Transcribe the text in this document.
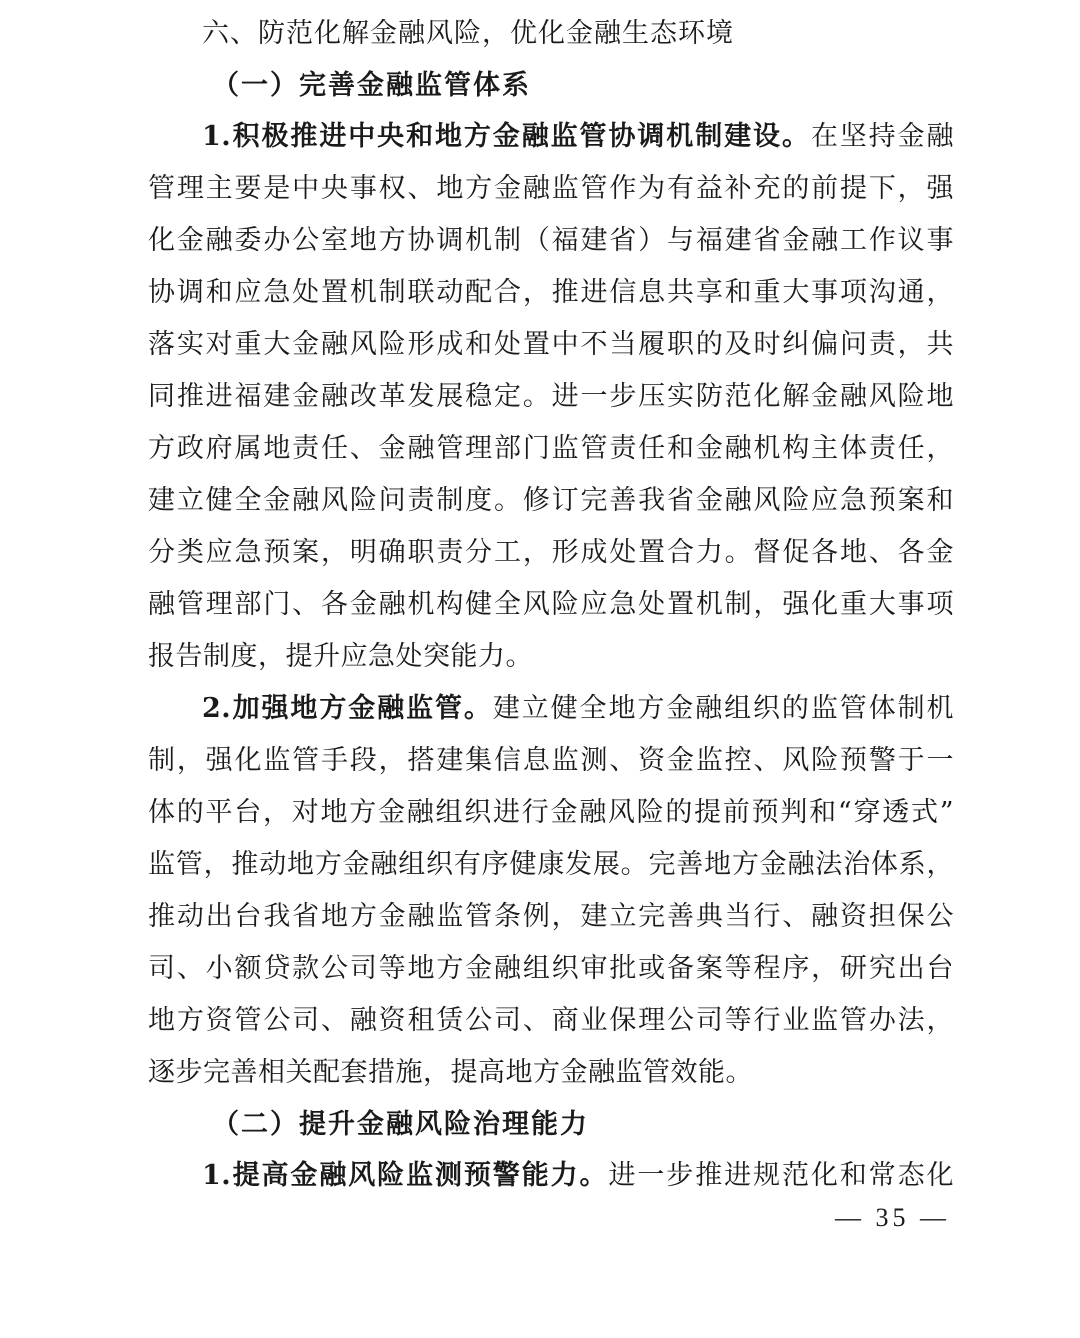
六、防范化解金融风险，优化金融生态环境
（一）完善金融监管体系
1.积极推进中央和地方金融监管协调机制建设。在坚持金融
管理主要是中央事权、地方金融监管作为有益补充的前提下，强
化金融委办公室地方协调机制（福建省）与福建省金融工作议事
协调和应急处置机制联动配合，推进信息共享和重大事项沟通，
落实对重大金融风险形成和处置中不当履职的及时纠偏问责，共
同推进福建金融改革发展稳定。进一步压实防范化解金融风险地
方政府属地责任、金融管理部门监管责任和金融机构主体责任，
建立健全金融风险问责制度。修订完善我省金融风险应急预案和
分类应急预案，明确职责分工，形成处置合力。督促各地、各金
融管理部门、各金融机构健全风险应急处置机制，强化重大事项
报告制度，提升应急处突能力。
2.加强地方金融监管。建立健全地方金融组织的监管体制机
制，强化监管手段，搭建集信息监测、资金监控、风险预警于一
体的平台，对地方金融组织进行金融风险的提前预判和“穿透式”
监管，推动地方金融组织有序健康发展。完善地方金融法治体系，
推动出台我省地方金融监管条例，建立完善典当行、融资担保公
司、小额贷款公司等地方金融组织审批或备案等程序，研究出台
地方资管公司、融资租赁公司、商业保理公司等行业监管办法，
逐步完善相关配套措施，提高地方金融监管效能。
（二）提升金融风险治理能力
1.提高金融风险监测预警能力。进一步推进规范化和常态化
— 35 —
